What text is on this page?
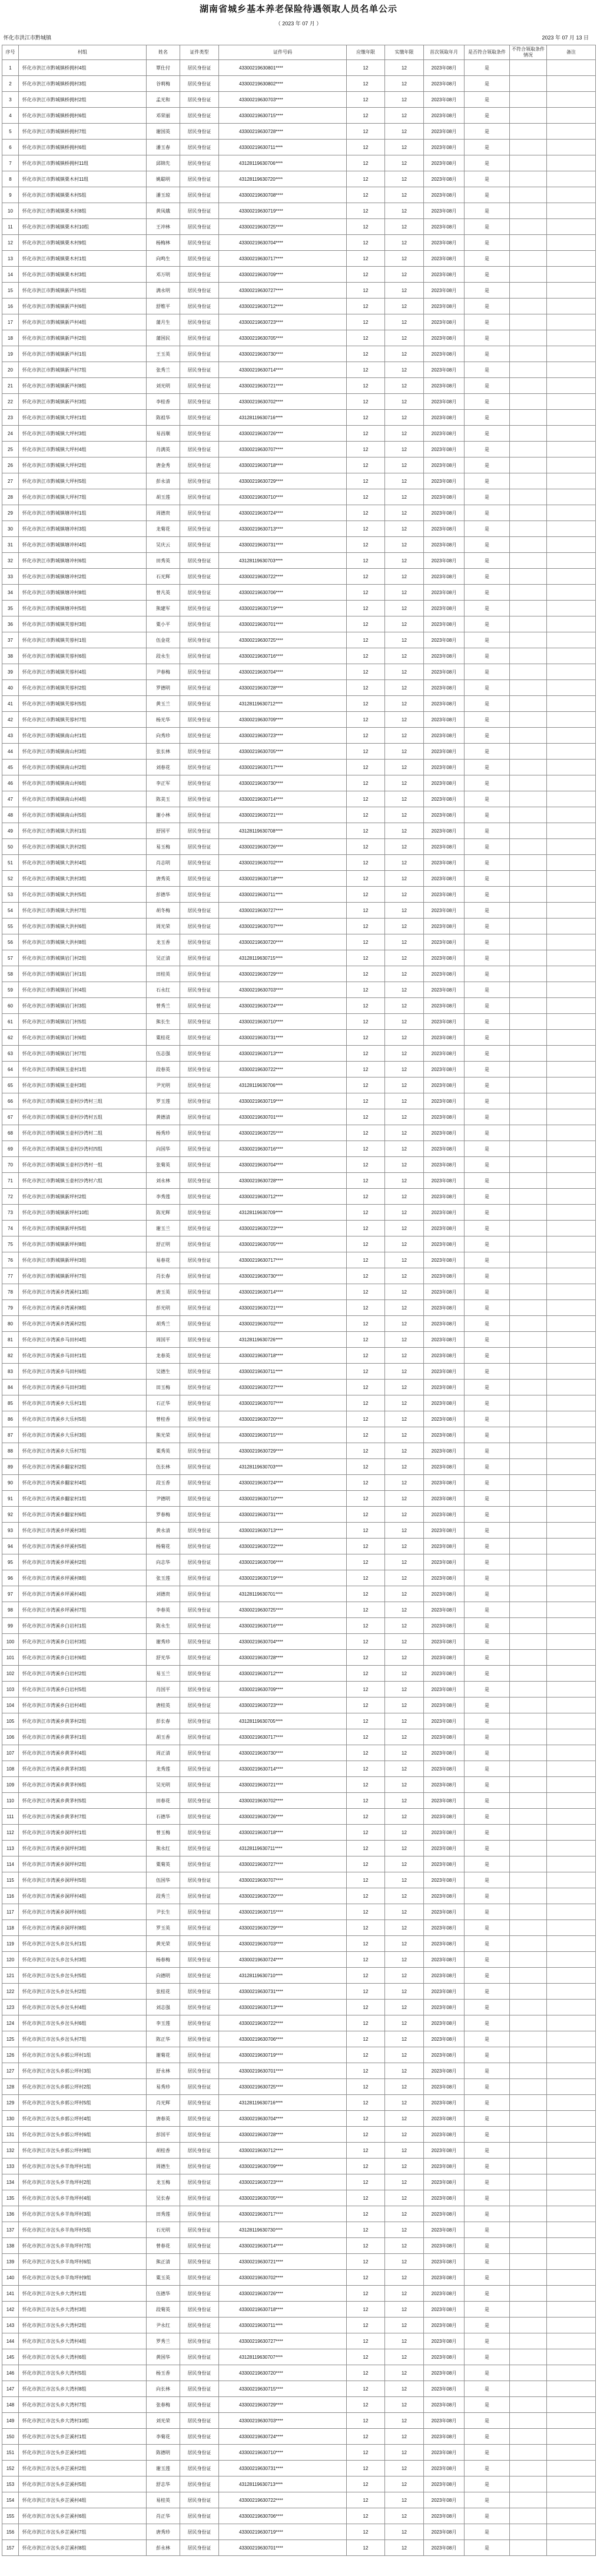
湖南省城乡基本养老保险待遇领取人员名单公示
（ 2023 年 07 月 ）
怀化市洪江市黔城镇	2023 年 07 月 13 日
序号	村组	姓名	证件类型	证件号码	应缴年限	实缴年限	首次领取年月	是否符合领取条件	不符合领取条件情况	备注
1	怀化市洪江市黔城镇桥拥村4组	覃仕付	居民身份证	43300219630801****	12	12	2023年08月	是		
2	怀化市洪江市黔城镇桥拥村3组	谷莉梅	居民身份证	43300219630802****	12	12	2023年08月	是		
3	怀化市洪江市黔城镇桥拥村2组	孟光和	居民身份证	43300219630703****	12	12	2023年08月	是		
4	怀化市洪江市黔城镇桥拥村6组	邓荣丽	居民身份证	43300219630715****	12	12	2023年08月	是		
5	怀化市洪江市黔城镇桥拥村7组	谢国英	居民身份证	43300219630728****	12	12	2023年08月	是		
6	怀化市洪江市黔城镇桥拥村6组	潘玉春	居民身份证	43300219630711****	12	12	2023年08月	是		
7	怀化市洪江市黔城镇桥拥村11组	邱锦先	居民身份证	43128119630706****	12	12	2023年08月	是		
8	怀化市洪江市黔城镇栗木村11组	姚聪明	居民身份证	43128119630720****	12	12	2023年08月	是		
9	怀化市洪江市黔城镇栗木村5组	潘玉琼	居民身份证	43300219630708****	12	12	2023年08月	是		
10	怀化市洪江市黔城镇栗木村8组	黄凤娥	居民身份证	43300219630719****	12	12	2023年08月	是		
11	怀化市洪江市黔城镇栗木村10组	王冲林	居民身份证	43300219630725****	12	12	2023年08月	是		
12	怀化市洪江市黔城镇栗木村9组	杨梅林	居民身份证	43300219630704****	12	12	2023年08月	是		
13	怀化市洪江市黔城镇栗木村1组	向鸣生	居民身份证	43300219630717****	12	12	2023年08月	是		
14	怀化市洪江市黔城镇栗木村3组	邓万明	居民身份证	43300219630709****	12	12	2023年08月	是		
15	怀化市洪江市黔城镇新芦村5组	满永明	居民身份证	43300219630727****	12	12	2023年08月	是		
16	怀化市洪江市黔城镇新芦村6组	舒维平	居民身份证	43300219630712****	12	12	2023年08月	是		
17	怀化市洪江市黔城镇新芦村4组	蒲月生	居民身份证	43300219630723****	12	12	2023年08月	是		
18	怀化市洪江市黔城镇新芦村2组	蒲国民	居民身份证	43300219630705****	12	12	2023年08月	是		
19	怀化市洪江市黔城镇新芦村1组	王玉英	居民身份证	43300219630730****	12	12	2023年08月	是		
20	怀化市洪江市黔城镇新芦村7组	张秀兰	居民身份证	43300219630714****	12	12	2023年08月	是		
21	怀化市洪江市黔城镇新芦村8组	刘光明	居民身份证	43300219630721****	12	12	2023年08月	是		
22	怀化市洪江市黔城镇新芦村3组	李桂香	居民身份证	43300219630702****	12	12	2023年08月	是		
23	怀化市洪江市黔城镇大坪村1组	陈祖华	居民身份证	43128119630716****	12	12	2023年08月	是		
24	怀化市洪江市黔城镇大坪村3组	易昌顺	居民身份证	43300219630726****	12	12	2023年08月	是		
25	怀化市洪江市黔城镇大坪村4组	肖满英	居民身份证	43300219630707****	12	12	2023年08月	是		
26	怀化市洪江市黔城镇大坪村2组	唐金秀	居民身份证	43300219630718****	12	12	2023年08月	是		
27	怀化市洪江市黔城镇大坪村5组	彭永清	居民身份证	43300219630729****	12	12	2023年08月	是		
28	怀化市洪江市黔城镇大坪村7组	胡玉莲	居民身份证	43300219630710****	12	12	2023年08月	是		
29	怀化市洪江市黔城镇塘冲村1组	周德贵	居民身份证	43300219630724****	12	12	2023年08月	是		
30	怀化市洪江市黔城镇塘冲村3组	龙菊花	居民身份证	43300219630713****	12	12	2023年08月	是		
31	怀化市洪江市黔城镇塘冲村4组	吴庆云	居民身份证	43300219630731****	12	12	2023年08月	是		
32	怀化市洪江市黔城镇塘冲村6组	田秀英	居民身份证	43128119630703****	12	12	2023年08月	是		
33	怀化市洪江市黔城镇塘冲村2组	石光辉	居民身份证	43300219630722****	12	12	2023年08月	是		
34	怀化市洪江市黔城镇塘冲村8组	曾凡英	居民身份证	43300219630706****	12	12	2023年08月	是		
35	怀化市洪江市黔城镇塘冲村5组	熊建军	居民身份证	43300219630719****	12	12	2023年08月	是		
36	怀化市洪江市黔城镇芙蓉村3组	粟小平	居民身份证	43300219630701****	12	12	2023年08月	是		
37	怀化市洪江市黔城镇芙蓉村1组	伍金花	居民身份证	43300219630725****	12	12	2023年08月	是		
38	怀化市洪江市黔城镇芙蓉村6组	段永生	居民身份证	43300219630716****	12	12	2023年08月	是		
39	怀化市洪江市黔城镇芙蓉村4组	尹春梅	居民身份证	43300219630704****	12	12	2023年08月	是		
40	怀化市洪江市黔城镇芙蓉村2组	罗德明	居民身份证	43300219630728****	12	12	2023年08月	是		
41	怀化市洪江市黔城镇芙蓉村5组	黄玉兰	居民身份证	43128119630712****	12	12	2023年08月	是		
42	怀化市洪江市黔城镇芙蓉村7组	杨光华	居民身份证	43300219630709****	12	12	2023年08月	是		
43	怀化市洪江市黔城镇南山村1组	向秀珍	居民身份证	43300219630723****	12	12	2023年08月	是		
44	怀化市洪江市黔城镇南山村3组	张长林	居民身份证	43300219630705****	12	12	2023年08月	是		
45	怀化市洪江市黔城镇南山村2组	刘春花	居民身份证	43300219630717****	12	12	2023年08月	是		
46	怀化市洪江市黔城镇南山村6组	李正军	居民身份证	43300219630730****	12	12	2023年08月	是		
47	怀化市洪江市黔城镇南山村4组	陈美玉	居民身份证	43300219630714****	12	12	2023年08月	是		
48	怀化市洪江市黔城镇南山村5组	谢小林	居民身份证	43300219630721****	12	12	2023年08月	是		
49	怀化市洪江市黔城镇大洪村1组	舒国平	居民身份证	43128119630708****	12	12	2023年08月	是		
50	怀化市洪江市黔城镇大洪村2组	易玉梅	居民身份证	43300219630726****	12	12	2023年08月	是		
51	怀化市洪江市黔城镇大洪村4组	肖志明	居民身份证	43300219630702****	12	12	2023年08月	是		
52	怀化市洪江市黔城镇大洪村3组	唐秀英	居民身份证	43300219630718****	12	12	2023年08月	是		
53	怀化市洪江市黔城镇大洪村5组	彭德华	居民身份证	43300219630711****	12	12	2023年08月	是		
54	怀化市洪江市黔城镇大洪村7组	胡冬梅	居民身份证	43300219630727****	12	12	2023年08月	是		
55	怀化市洪江市黔城镇大洪村6组	周光荣	居民身份证	43300219630707****	12	12	2023年08月	是		
56	怀化市洪江市黔城镇大洪村8组	龙玉香	居民身份证	43300219630720****	12	12	2023年08月	是		
57	怀化市洪江市黔城镇岩门村2组	吴正清	居民身份证	43128119630715****	12	12	2023年08月	是		
58	怀化市洪江市黔城镇岩门村1组	田桂英	居民身份证	43300219630729****	12	12	2023年08月	是		
59	怀化市洪江市黔城镇岩门村4组	石永红	居民身份证	43300219630703****	12	12	2023年08月	是		
60	怀化市洪江市黔城镇岩门村3组	曾秀兰	居民身份证	43300219630724****	12	12	2023年08月	是		
61	怀化市洪江市黔城镇岩门村5组	熊长生	居民身份证	43300219630710****	12	12	2023年08月	是		
62	怀化市洪江市黔城镇岩门村6组	粟桂花	居民身份证	43300219630731****	12	12	2023年08月	是		
63	怀化市洪江市黔城镇岩门村7组	伍志强	居民身份证	43300219630713****	12	12	2023年08月	是		
64	怀化市洪江市黔城镇玉壶村1组	段春英	居民身份证	43300219630722****	12	12	2023年08月	是		
65	怀化市洪江市黔城镇玉壶村3组	尹光明	居民身份证	43128119630706****	12	12	2023年08月	是		
66	怀化市洪江市黔城镇玉壶村沙湾村三组	罗玉莲	居民身份证	43300219630719****	12	12	2023年08月	是		
67	怀化市洪江市黔城镇玉壶村沙湾村五组	黄德清	居民身份证	43300219630701****	12	12	2023年08月	是		
68	怀化市洪江市黔城镇玉壶村沙湾村二组	杨秀珍	居民身份证	43300219630725****	12	12	2023年08月	是		
69	怀化市洪江市黔城镇玉壶村沙湾村四组	向国华	居民身份证	43300219630716****	12	12	2023年08月	是		
70	怀化市洪江市黔城镇玉壶村沙湾村一组	张菊英	居民身份证	43300219630704****	12	12	2023年08月	是		
71	怀化市洪江市黔城镇玉壶村沙湾村六组	刘永林	居民身份证	43300219630728****	12	12	2023年08月	是		
72	怀化市洪江市黔城镇新坪村2组	李秀莲	居民身份证	43300219630712****	12	12	2023年08月	是		
73	怀化市洪江市黔城镇新坪村10组	陈光辉	居民身份证	43128119630709****	12	12	2023年08月	是		
74	怀化市洪江市黔城镇新坪村5组	谢玉兰	居民身份证	43300219630723****	12	12	2023年08月	是		
75	怀化市洪江市黔城镇新坪村8组	舒正明	居民身份证	43300219630705****	12	12	2023年08月	是		
76	怀化市洪江市黔城镇新坪村3组	易春花	居民身份证	43300219630717****	12	12	2023年08月	是		
77	怀化市洪江市黔城镇新坪村7组	肖长春	居民身份证	43300219630730****	12	12	2023年08月	是		
78	怀化市洪江市湾溪乡湾溪村13组	唐玉英	居民身份证	43300219630714****	12	12	2023年08月	是		
79	怀化市洪江市湾溪乡湾溪村8组	彭光明	居民身份证	43300219630721****	12	12	2023年08月	是		
80	怀化市洪江市湾溪乡湾溪村2组	胡秀兰	居民身份证	43300219630702****	12	12	2023年08月	是		
81	怀化市洪江市湾溪乡马田村4组	周国平	居民身份证	43128119630726****	12	12	2023年08月	是		
82	怀化市洪江市湾溪乡马田村1组	龙春英	居民身份证	43300219630718****	12	12	2023年08月	是		
83	怀化市洪江市湾溪乡马田村6组	吴德生	居民身份证	43300219630711****	12	12	2023年08月	是		
84	怀化市洪江市湾溪乡马田村3组	田玉梅	居民身份证	43300219630727****	12	12	2023年08月	是		
85	怀化市洪江市湾溪乡大乐村1组	石正华	居民身份证	43300219630707****	12	12	2023年08月	是		
86	怀化市洪江市湾溪乡大乐村5组	曾桂香	居民身份证	43300219630720****	12	12	2023年08月	是		
87	怀化市洪江市湾溪乡大乐村3组	熊光荣	居民身份证	43300219630715****	12	12	2023年08月	是		
88	怀化市洪江市湾溪乡大乐村7组	粟秀英	居民身份证	43300219630729****	12	12	2023年08月	是		
89	怀化市洪江市湾溪乡翻家村2组	伍长林	居民身份证	43128119630703****	12	12	2023年08月	是		
90	怀化市洪江市湾溪乡翻家村4组	段玉香	居民身份证	43300219630724****	12	12	2023年08月	是		
91	怀化市洪江市湾溪乡翻家村1组	尹德明	居民身份证	43300219630710****	12	12	2023年08月	是		
92	怀化市洪江市湾溪乡翻家村6组	罗春梅	居民身份证	43300219630731****	12	12	2023年08月	是		
93	怀化市洪江市湾溪乡坪溪村3组	黄永清	居民身份证	43300219630713****	12	12	2023年08月	是		
94	怀化市洪江市湾溪乡坪溪村5组	杨菊花	居民身份证	43300219630722****	12	12	2023年08月	是		
95	怀化市洪江市湾溪乡坪溪村2组	向志华	居民身份证	43300219630706****	12	12	2023年08月	是		
96	怀化市洪江市湾溪乡坪溪村8组	张玉莲	居民身份证	43300219630719****	12	12	2023年08月	是		
97	怀化市洪江市湾溪乡坪溪村4组	刘德贵	居民身份证	43128119630701****	12	12	2023年08月	是		
98	怀化市洪江市湾溪乡坪溪村7组	李春英	居民身份证	43300219630725****	12	12	2023年08月	是		
99	怀化市洪江市湾溪乡白岩村1组	陈永生	居民身份证	43300219630716****	12	12	2023年08月	是		
100	怀化市洪江市湾溪乡白岩村3组	谢秀珍	居民身份证	43300219630704****	12	12	2023年08月	是		
101	怀化市洪江市湾溪乡白岩村6组	舒光华	居民身份证	43300219630728****	12	12	2023年08月	是		
102	怀化市洪江市湾溪乡白岩村2组	易玉兰	居民身份证	43300219630712****	12	12	2023年08月	是		
103	怀化市洪江市湾溪乡白岩村5组	肖国平	居民身份证	43300219630709****	12	12	2023年08月	是		
104	怀化市洪江市湾溪乡白岩村4组	唐桂英	居民身份证	43300219630723****	12	12	2023年08月	是		
105	怀化市洪江市湾溪乡黄茅村2组	彭长春	居民身份证	43128119630705****	12	12	2023年08月	是		
106	怀化市洪江市湾溪乡黄茅村1组	胡玉香	居民身份证	43300219630717****	12	12	2023年08月	是		
107	怀化市洪江市湾溪乡黄茅村4组	周正清	居民身份证	43300219630730****	12	12	2023年08月	是		
108	怀化市洪江市湾溪乡黄茅村3组	龙秀莲	居民身份证	43300219630714****	12	12	2023年08月	是		
109	怀化市洪江市湾溪乡黄茅村6组	吴光明	居民身份证	43300219630721****	12	12	2023年08月	是		
110	怀化市洪江市湾溪乡黄茅村5组	田春花	居民身份证	43300219630702****	12	12	2023年08月	是		
111	怀化市洪江市湾溪乡黄茅村7组	石德华	居民身份证	43300219630726****	12	12	2023年08月	是		
112	怀化市洪江市湾溪乡洞坪村1组	曾玉梅	居民身份证	43300219630718****	12	12	2023年08月	是		
113	怀化市洪江市湾溪乡洞坪村3组	熊永红	居民身份证	43128119630711****	12	12	2023年08月	是		
114	怀化市洪江市湾溪乡洞坪村2组	粟菊英	居民身份证	43300219630727****	12	12	2023年08月	是		
115	怀化市洪江市湾溪乡洞坪村5组	伍国华	居民身份证	43300219630707****	12	12	2023年08月	是		
116	怀化市洪江市湾溪乡洞坪村4组	段秀兰	居民身份证	43300219630720****	12	12	2023年08月	是		
117	怀化市洪江市湾溪乡洞坪村6组	尹长生	居民身份证	43300219630715****	12	12	2023年08月	是		
118	怀化市洪江市湾溪乡洞坪村8组	罗玉英	居民身份证	43300219630729****	12	12	2023年08月	是		
119	怀化市洪江市岔头乡岔头村1组	黄光荣	居民身份证	43300219630703****	12	12	2023年08月	是		
120	怀化市洪江市岔头乡岔头村3组	杨春梅	居民身份证	43300219630724****	12	12	2023年08月	是		
121	怀化市洪江市岔头乡岔头村5组	向德明	居民身份证	43128119630710****	12	12	2023年08月	是		
122	怀化市洪江市岔头乡岔头村2组	张桂花	居民身份证	43300219630731****	12	12	2023年08月	是		
123	怀化市洪江市岔头乡岔头村4组	刘志强	居民身份证	43300219630713****	12	12	2023年08月	是		
124	怀化市洪江市岔头乡岔头村6组	李玉莲	居民身份证	43300219630722****	12	12	2023年08月	是		
125	怀化市洪江市岔头乡岔头村7组	陈正华	居民身份证	43300219630706****	12	12	2023年08月	是		
126	怀化市洪江市岔头乡郭公坪村1组	谢菊花	居民身份证	43300219630719****	12	12	2023年08月	是		
127	怀化市洪江市岔头乡郭公坪村3组	舒永林	居民身份证	43300219630701****	12	12	2023年08月	是		
128	怀化市洪江市岔头乡郭公坪村2组	易秀珍	居民身份证	43300219630725****	12	12	2023年08月	是		
129	怀化市洪江市岔头乡郭公坪村5组	肖光辉	居民身份证	43128119630716****	12	12	2023年08月	是		
130	怀化市洪江市岔头乡郭公坪村4组	唐春英	居民身份证	43300219630704****	12	12	2023年08月	是		
131	怀化市洪江市岔头乡郭公坪村6组	彭国平	居民身份证	43300219630728****	12	12	2023年08月	是		
132	怀化市洪江市岔头乡郭公坪村8组	胡桂香	居民身份证	43300219630712****	12	12	2023年08月	是		
133	怀化市洪江市岔头乡羊角坪村1组	周德生	居民身份证	43300219630709****	12	12	2023年08月	是		
134	怀化市洪江市岔头乡羊角坪村2组	龙玉梅	居民身份证	43300219630723****	12	12	2023年08月	是		
135	怀化市洪江市岔头乡羊角坪村4组	吴长春	居民身份证	43300219630705****	12	12	2023年08月	是		
136	怀化市洪江市岔头乡羊角坪村3组	田秀莲	居民身份证	43300219630717****	12	12	2023年08月	是		
137	怀化市洪江市岔头乡羊角坪村5组	石光明	居民身份证	43128119630730****	12	12	2023年08月	是		
138	怀化市洪江市岔头乡羊角坪村7组	曾春花	居民身份证	43300219630714****	12	12	2023年08月	是		
139	怀化市洪江市岔头乡羊角坪村6组	熊正清	居民身份证	43300219630721****	12	12	2023年08月	是		
140	怀化市洪江市岔头乡羊角坪村9组	粟玉英	居民身份证	43300219630702****	12	12	2023年08月	是		
141	怀化市洪江市岔头乡大湾村1组	伍德华	居民身份证	43300219630726****	12	12	2023年08月	是		
142	怀化市洪江市岔头乡大湾村3组	段菊英	居民身份证	43300219630718****	12	12	2023年08月	是		
143	怀化市洪江市岔头乡大湾村2组	尹永红	居民身份证	43300219630711****	12	12	2023年08月	是		
144	怀化市洪江市岔头乡大湾村4组	罗秀兰	居民身份证	43300219630727****	12	12	2023年08月	是		
145	怀化市洪江市岔头乡大湾村6组	黄国华	居民身份证	43128119630707****	12	12	2023年08月	是		
146	怀化市洪江市岔头乡大湾村5组	杨玉香	居民身份证	43300219630720****	12	12	2023年08月	是		
147	怀化市洪江市岔头乡大湾村8组	向长林	居民身份证	43300219630715****	12	12	2023年08月	是		
148	怀化市洪江市岔头乡大湾村7组	张春梅	居民身份证	43300219630729****	12	12	2023年08月	是		
149	怀化市洪江市岔头乡大湾村10组	刘光荣	居民身份证	43300219630703****	12	12	2023年08月	是		
150	怀化市洪江市岔头乡芷溪村1组	李菊花	居民身份证	43300219630724****	12	12	2023年08月	是		
151	怀化市洪江市岔头乡芷溪村3组	陈德明	居民身份证	43300219630710****	12	12	2023年08月	是		
152	怀化市洪江市岔头乡芷溪村2组	谢玉莲	居民身份证	43300219630731****	12	12	2023年08月	是		
153	怀化市洪江市岔头乡芷溪村5组	舒志华	居民身份证	43128119630713****	12	12	2023年08月	是		
154	怀化市洪江市岔头乡芷溪村4组	易桂英	居民身份证	43300219630722****	12	12	2023年08月	是		
155	怀化市洪江市岔头乡芷溪村6组	肖正华	居民身份证	43300219630706****	12	12	2023年08月	是		
156	怀化市洪江市岔头乡芷溪村7组	唐秀珍	居民身份证	43300219630719****	12	12	2023年08月	是		
157	怀化市洪江市岔头乡芷溪村8组	彭永林	居民身份证	43300219630701****	12	12	2023年08月	是		
